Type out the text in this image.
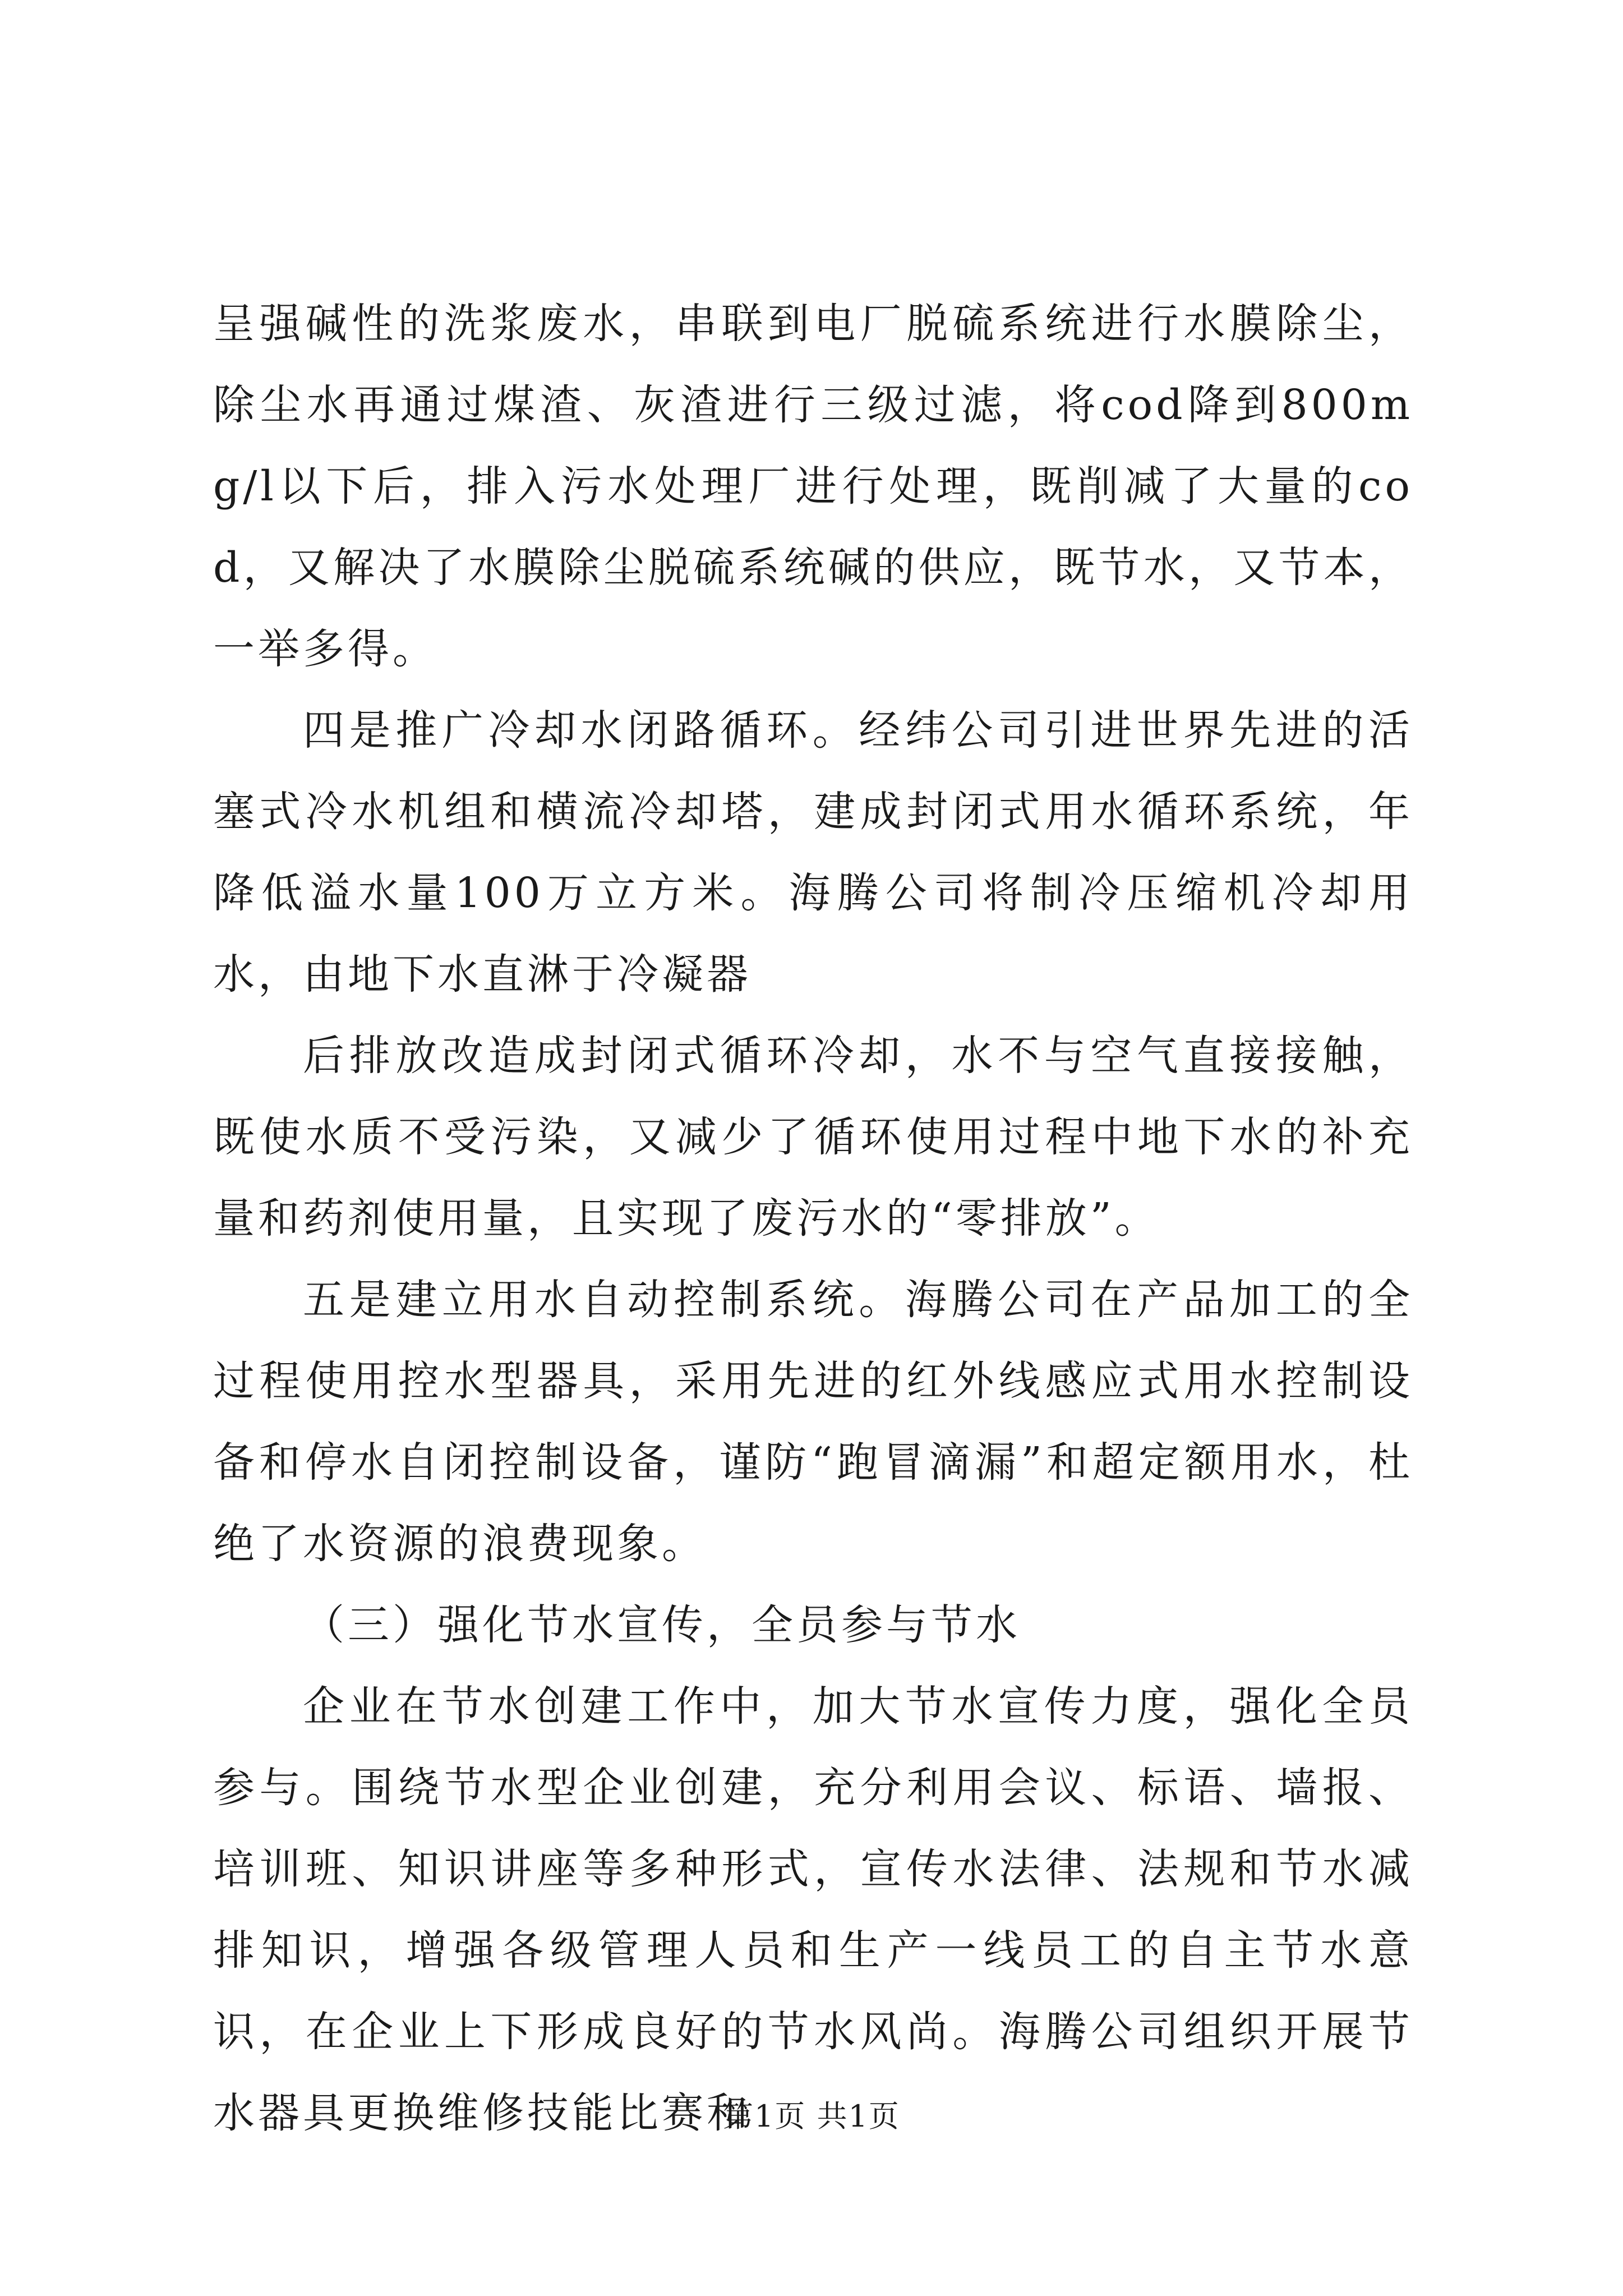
呈强碱性的洗浆废水，串联到电厂脱硫系统进行水膜除尘，除尘水再通过煤渣、灰渣进行三级过滤，将cod降到800mg/l以下后，排入污水处理厂进行处理，既削减了大量的cod，又解决了水膜除尘脱硫系统碱的供应，既节水，又节本，一举多得。

四是推广冷却水闭路循环。经纬公司引进世界先进的活塞式冷水机组和横流冷却塔，建成封闭式用水循环系统，年降低溢水量100万立方米。海腾公司将制冷压缩机冷却用水，由地下水直淋于冷凝器

后排放改造成封闭式循环冷却，水不与空气直接接触，既使水质不受污染，又减少了循环使用过程中地下水的补充量和药剂使用量，且实现了废污水的“零排放”。

五是建立用水自动控制系统。海腾公司在产品加工的全过程使用控水型器具，采用先进的红外线感应式用水控制设备和停水自闭控制设备，谨防“跑冒滴漏”和超定额用水，杜绝了水资源的浪费现象。

（三）强化节水宣传，全员参与节水

企业在节水创建工作中，加大节水宣传力度，强化全员参与。围绕节水型企业创建，充分利用会议、标语、墙报、培训班、知识讲座等多种形式，宣传水法律、法规和节水减排知识，增强各级管理人员和生产一线员工的自主节水意识，在企业上下形成良好的节水风尚。海腾公司组织开展节水器具更换维修技能比赛和

第1页 共1页
